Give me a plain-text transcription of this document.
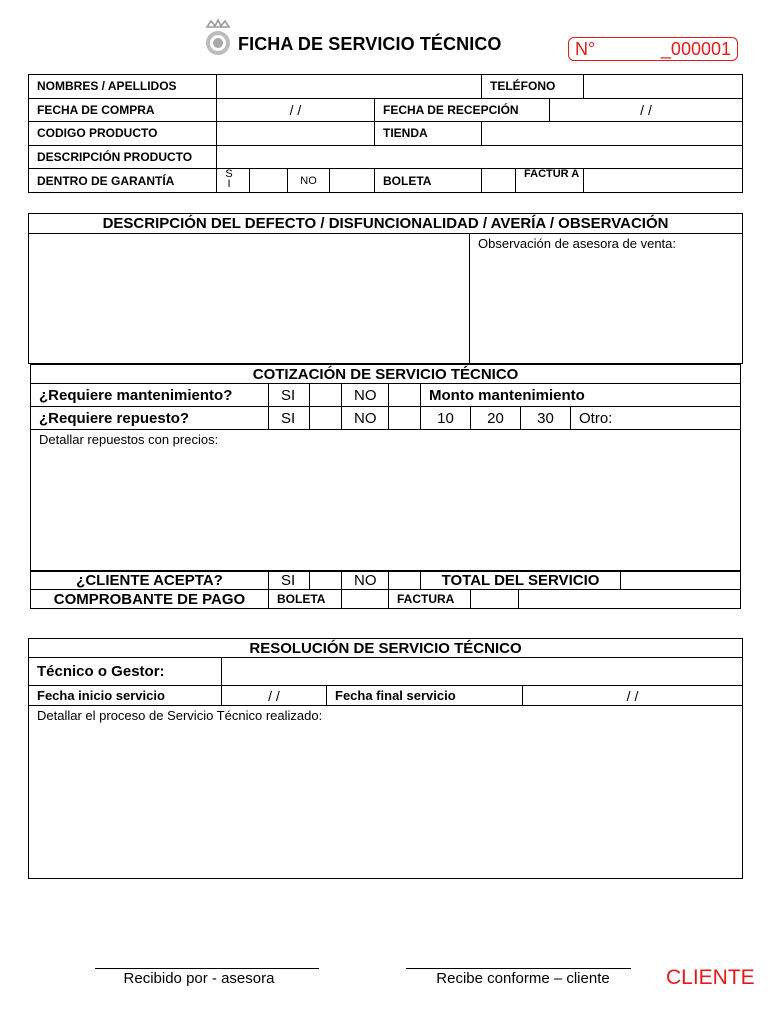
FICHA DE SERVICIO TÉCNICO	N°	_000001
NOMBRES / APELLIDOS						TELÉFONO			
FECHA DE COMPRA	/ /				FECHA DE RECEPCIÓN			/ /	
CODIGO PRODUCTO					TIENDA				
DESCRIPCIÓN PRODUCTO									
DENTRO DE GARANTÍA	S I		NO		BOLETA		FACTUR A		
DESCRIPCIÓN DEL DEFECTO / DISFUNCIONALIDAD / AVERÍA / OBSERVACIÓN
	Observación de asesora de venta:
COTIZACIÓN DE SERVICIO TÉCNICO								
¿Requiere mantenimiento?	SI		NO		Monto mantenimiento			
¿Requiere repuesto?	SI		NO		10	20	30	Otro:
Detallar repuestos con precios:								
¿CLIENTE ACEPTA?	SI		NO		TOTAL DEL SERVICIO	
COMPROBANTE DE PAGO	BOLETA		FACTURA		
RESOLUCIÓN DE SERVICIO TÉCNICO			
Técnico o Gestor:			
Fecha inicio servicio	/ /	Fecha final servicio	/ /
Detallar el proceso de Servicio Técnico realizado:			
Recibido por - asesora	Recibe conforme – cliente	CLIENTE
